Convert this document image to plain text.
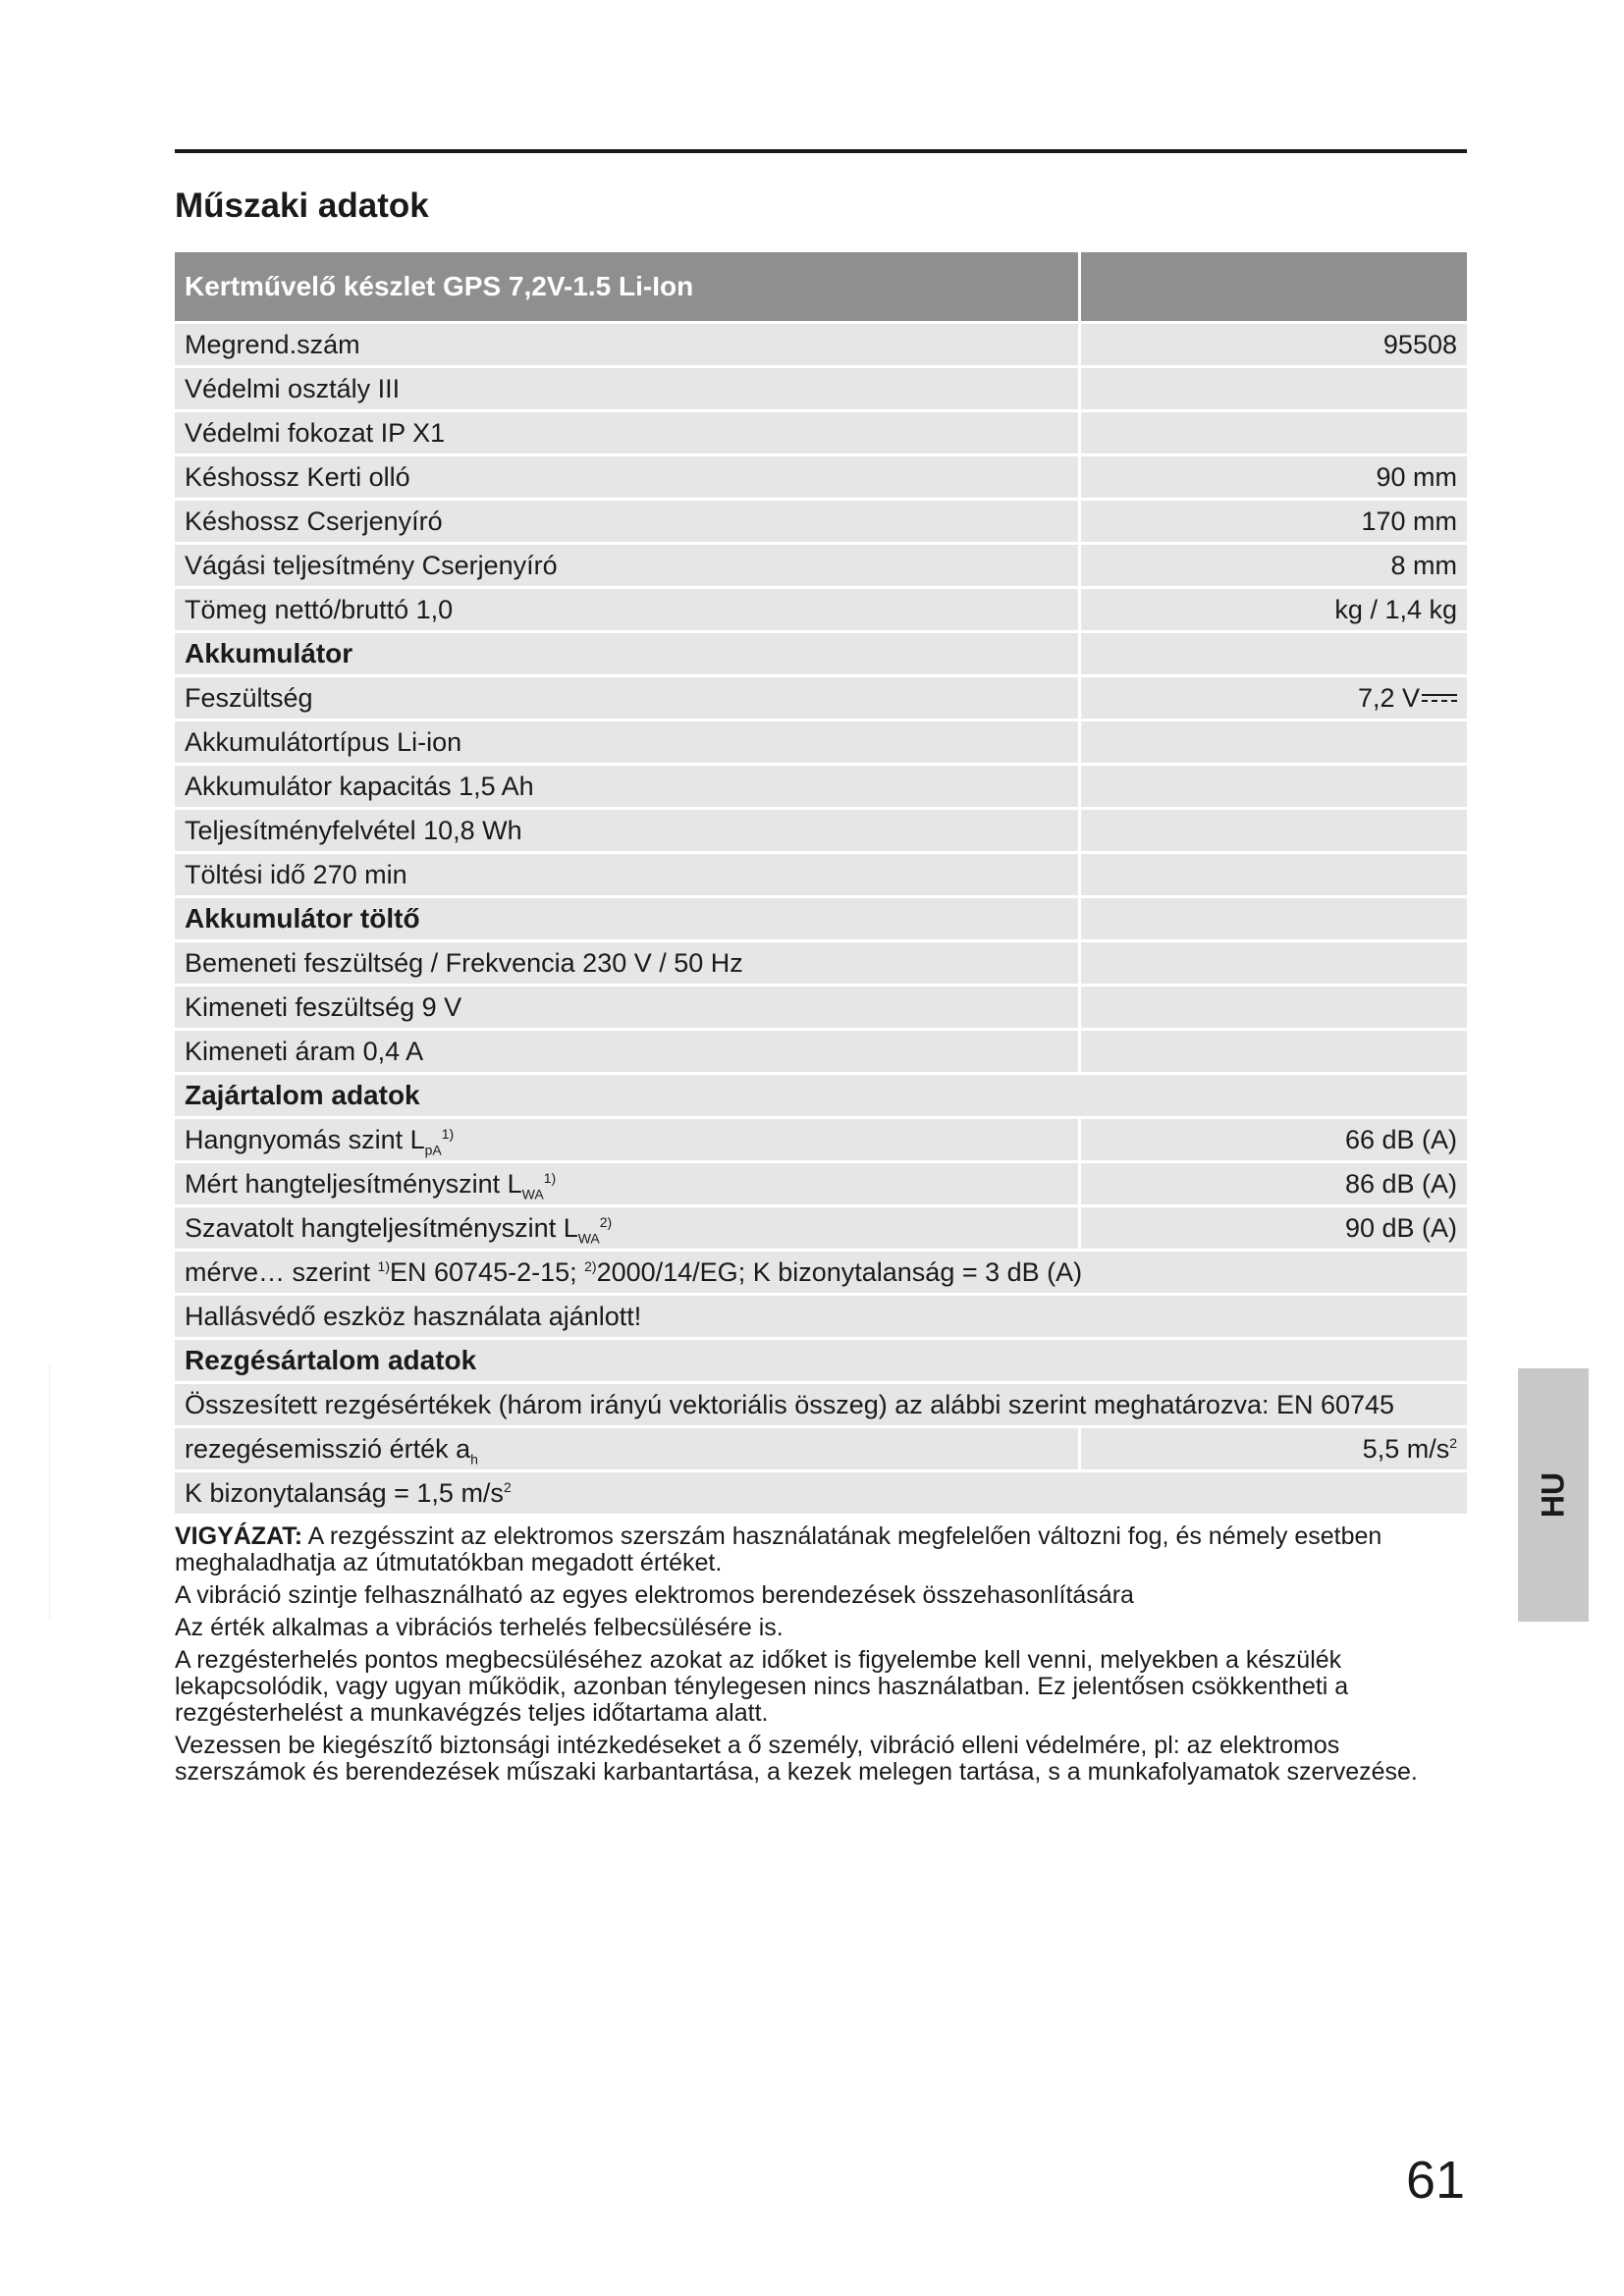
Műszaki adatok
Kertművelő készlet GPS 7,2V-1.5 Li-Ion	
Megrend.szám	95508
Védelmi osztály III	
Védelmi fokozat IP X1	
Késhossz Kerti olló	90 mm
Késhossz Cserjenyíró	170 mm
Vágási teljesítmény Cserjenyíró	8 mm
Tömeg nettó/bruttó 1,0	kg / 1,4 kg
Akkumulátor	
Feszültség	7,2 V
Akkumulátortípus Li-ion	
Akkumulátor kapacitás 1,5 Ah	
Teljesítményfelvétel 10,8 Wh	
Töltési idő 270 min	
Akkumulátor töltő	
Bemeneti feszültség / Frekvencia 230 V / 50 Hz	
Kimeneti feszültség 9 V	
Kimeneti áram 0,4 A	
Zajártalom adatok	
Hangnyomás szint $L_{pA}^{1)}$	66 dB (A)
Mért hangteljesítményszint $L_{WA}^{1)}$	86 dB (A)
Szavatolt hangteljesítményszint $L_{WA}^{2)}$	90 dB (A)
mérve… szerint $^{1)}$EN 60745-2-15; $^{2)}$2000/14/EG; K bizonytalanság = 3 dB (A)	
Hallásvédő eszköz használata ajánlott!	
Rezgésártalom adatok	
Összesített rezgésértékek (három irányú vektoriális összeg) az alábbi szerint meghatározva: EN 60745	
rezegésemisszió érték $a_h$	5,5 $m/s^2$
K bizonytalanság = 1,5 $m/s^2$

VIGYÁZAT: A rezgésszint az elektromos szerszám használatának megfelelően változni fog, és némely esetben meghaladhatja az útmutatókban megadott értéket.

A vibráció szintje felhasználható az egyes elektromos berendezések összehasonlítására

Az érték alkalmas a vibrációs terhelés felbecsülésére is.

A rezgésterhelés pontos megbecsüléséhez azokat az időket is figyelembe kell venni, melyekben a készülék lekapcsolódik, vagy ugyan működik, azonban ténylegesen nincs használatban. Ez jelentősen csökkentheti a rezgésterhelést a munkavégzés teljes időtartama alatt.

Vezessen be kiegészítő biztonsági intézkedéseket a ő személy, vibráció elleni védelmére, pl: az elektromos szerszámok és berendezések műszaki karbantartása, a kezek melegen tartása, s a munkafolyamatok szervezése.

HU
61
